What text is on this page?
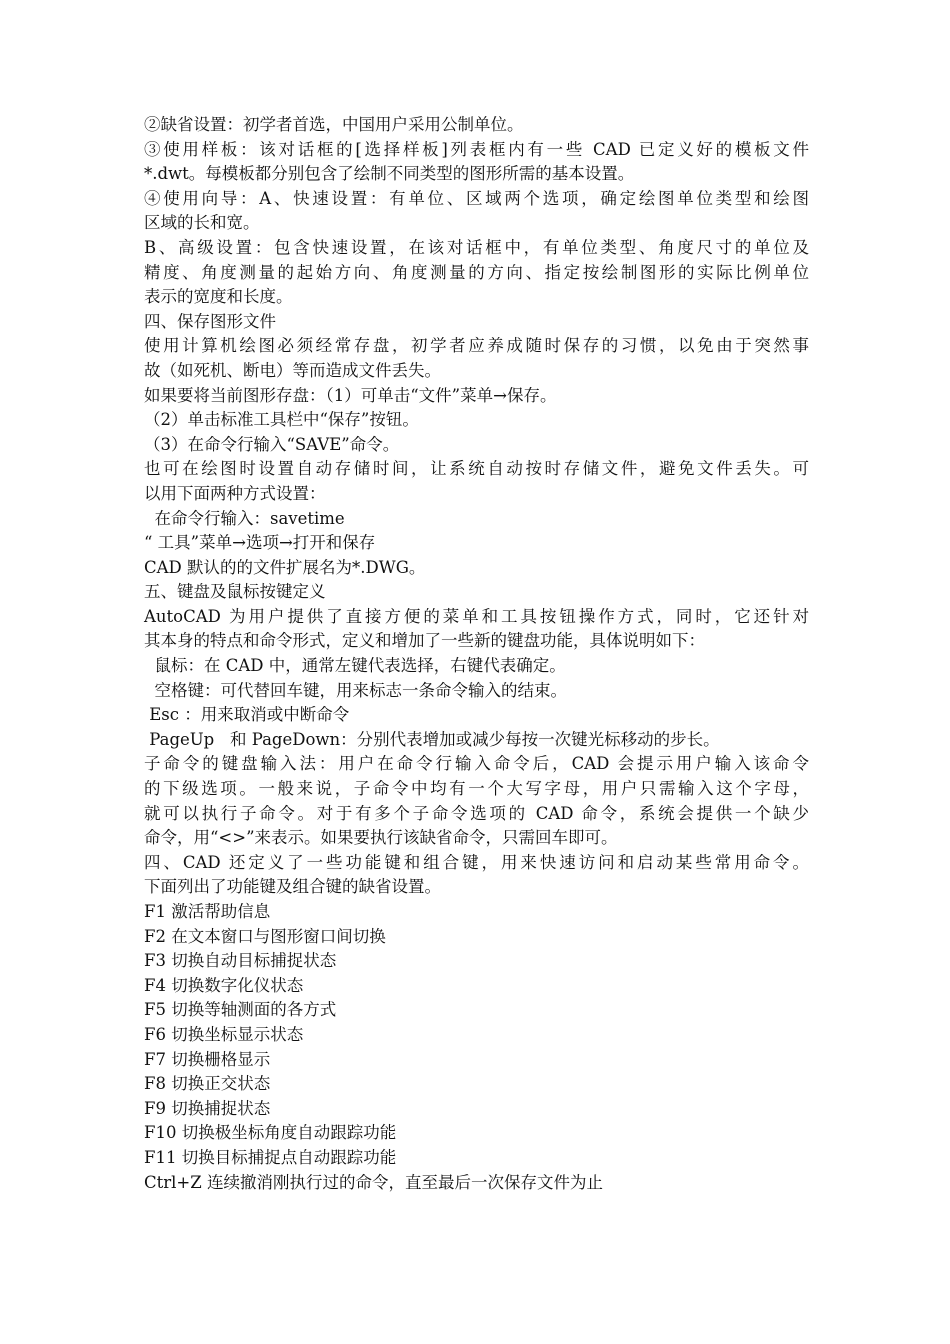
②缺省设置：初学者首选，中国用户采用公制单位。
③使用样板：该对话框的[选择样板]列表框内有一些 CAD 已定义好的模板文件
*.dwt。每模板都分别包含了绘制不同类型的图形所需的基本设置。
④使用向导：A、快速设置：有单位、区域两个选项，确定绘图单位类型和绘图
区域的长和宽。
B、高级设置：包含快速设置，在该对话框中，有单位类型、角度尺寸的单位及
精度、角度测量的起始方向、角度测量的方向、指定按绘制图形的实际比例单位
表示的宽度和长度。
四、保存图形文件
使用计算机绘图必须经常存盘，初学者应养成随时保存的习惯，以免由于突然事
故（如死机、断电）等而造成文件丢失。
如果要将当前图形存盘：（1）可单击“文件”菜单→保存。
（2）单击标准工具栏中“保存”按钮。
（3）在命令行输入“SAVE”命令。
也可在绘图时设置自动存储时间，让系统自动按时存储文件，避免文件丢失。可
以用下面两种方式设置：
在命令行输入：savetime
“ 工具”菜单→选项→打开和保存
CAD 默认的的文件扩展名为*.DWG。
五、键盘及鼠标按键定义
AutoCAD 为用户提供了直接方便的菜单和工具按钮操作方式，同时，它还针对
其本身的特点和命令形式，定义和增加了一些新的键盘功能，具体说明如下：
鼠标：在 CAD 中，通常左键代表选择，右键代表确定。
空格键：可代替回车键，用来标志一条命令输入的结束。
Esc ：用来取消或中断命令
PageUp   和 PageDown：分别代表增加或减少每按一次键光标移动的步长。
子命令的键盘输入法：用户在命令行输入命令后，CAD 会提示用户输入该命令
的下级选项。一般来说，子命令中均有一个大写字母，用户只需输入这个字母，
就可以执行子命令。对于有多个子命令选项的 CAD 命令，系统会提供一个缺少
命令，用“<>”来表示。如果要执行该缺省命令，只需回车即可。
四、CAD 还定义了一些功能键和组合键，用来快速访问和启动某些常用命令。
下面列出了功能键及组合键的缺省设置。
F1 激活帮助信息
F2 在文本窗口与图形窗口间切换
F3 切换自动目标捕捉状态
F4 切换数字化仪状态
F5 切换等轴测面的各方式
F6 切换坐标显示状态
F7 切换栅格显示
F8 切换正交状态
F9 切换捕捉状态
F10 切换极坐标角度自动跟踪功能
F11 切换目标捕捉点自动跟踪功能
Ctrl+Z 连续撤消刚执行过的命令，直至最后一次保存文件为止
